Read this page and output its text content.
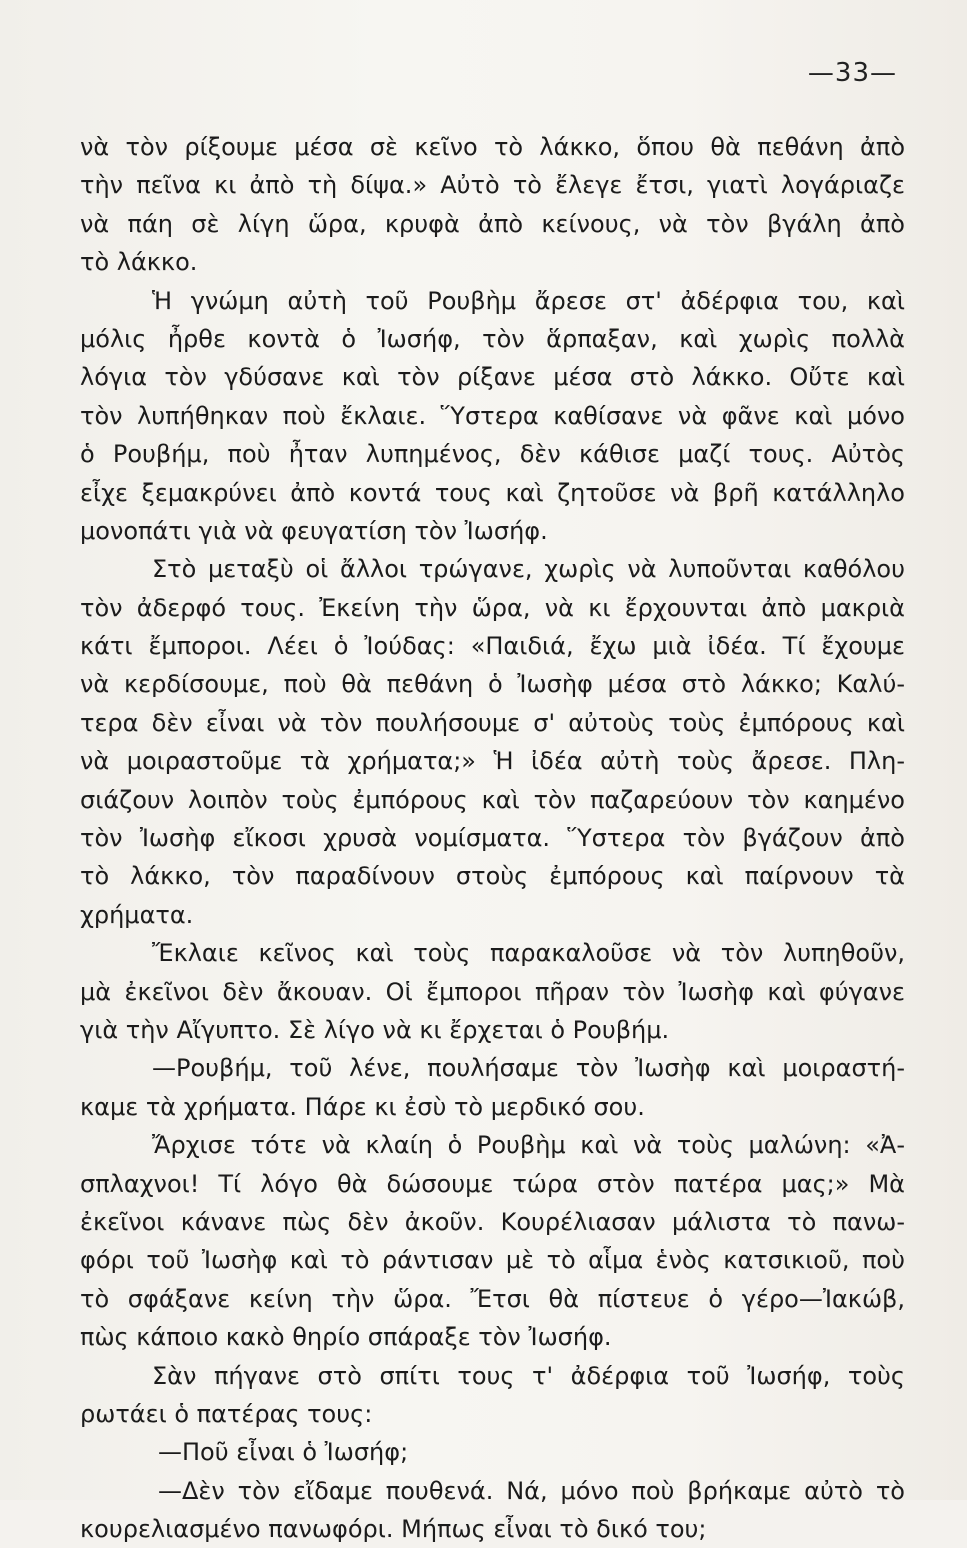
—33—
νὰ τὸν ρίξουμε μέσα σὲ κεῖνο τὸ λάκκο, ὅπου θὰ πεθάνη ἀπὸ
τὴν πεῖνα κι ἀπὸ τὴ δίψα.» Αὐτὸ τὸ ἔλεγε ἔτσι, γιατὶ λογάριαζε
νὰ πάη σὲ λίγη ὥρα, κρυφὰ ἀπὸ κείνους, νὰ τὸν βγάλη ἀπὸ
τὸ λάκκο.
Ἡ γνώμη αὐτὴ τοῦ Ρουβὴμ ἄρεσε στ' ἀδέρφια του, καὶ
μόλις ἦρθε κοντὰ ὁ Ἰωσήφ, τὸν ἅρπαξαν, καὶ χωρὶς πολλὰ
λόγια τὸν γδύσανε καὶ τὸν ρίξανε μέσα στὸ λάκκο. Οὔτε καὶ
τὸν λυπήθηκαν ποὺ ἔκλαιε. Ὕστερα καθίσανε νὰ φᾶνε καὶ μόνο
ὁ Ρουβήμ, ποὺ ἦταν λυπημένος, δὲν κάθισε μαζί τους. Αὐτὸς
εἶχε ξεμακρύνει ἀπὸ κοντά τους καὶ ζητοῦσε νὰ βρῆ κατάλληλο
μονοπάτι γιὰ νὰ φευγατίση τὸν Ἰωσήφ.
Στὸ μεταξὺ οἱ ἄλλοι τρώγανε, χωρὶς νὰ λυποῦνται καθόλου
τὸν ἀδερφό τους. Ἐκείνη τὴν ὥρα, νὰ κι ἔρχουνται ἀπὸ μακριὰ
κάτι ἔμποροι. Λέει ὁ Ἰούδας: «Παιδιά, ἔχω μιὰ ἰδέα. Τί ἔχουμε
νὰ κερδίσουμε, ποὺ θὰ πεθάνη ὁ Ἰωσὴφ μέσα στὸ λάκκο; Καλύ-
τερα δὲν εἶναι νὰ τὸν πουλήσουμε σ' αὐτοὺς τοὺς ἐμπόρους καὶ
νὰ μοιραστοῦμε τὰ χρήματα;» Ἡ ἰδέα αὐτὴ τοὺς ἄρεσε. Πλη-
σιάζουν λοιπὸν τοὺς ἐμπόρους καὶ τὸν παζαρεύουν τὸν καημένο
τὸν Ἰωσὴφ εἴκοσι χρυσὰ νομίσματα. Ὕστερα τὸν βγάζουν ἀπὸ
τὸ λάκκο, τὸν παραδίνουν στοὺς ἐμπόρους καὶ παίρνουν τὰ
χρήματα.
Ἔκλαιε κεῖνος καὶ τοὺς παρακαλοῦσε νὰ τὸν λυπηθοῦν,
μὰ ἐκεῖνοι δὲν ἄκουαν. Οἱ ἔμποροι πῆραν τὸν Ἰωσὴφ καὶ φύγανε
γιὰ τὴν Αἴγυπτο. Σὲ λίγο νὰ κι ἔρχεται ὁ Ρουβήμ.
—Ρουβήμ, τοῦ λένε, πουλήσαμε τὸν Ἰωσὴφ καὶ μοιραστή-
καμε τὰ χρήματα. Πάρε κι ἐσὺ τὸ μερδικό σου.
Ἄρχισε τότε νὰ κλαίη ὁ Ρουβὴμ καὶ νὰ τοὺς μαλώνη: «Ἀ-
σπλαχνοι! Τί λόγο θὰ δώσουμε τώρα στὸν πατέρα μας;» Μὰ
ἐκεῖνοι κάνανε πὼς δὲν ἀκοῦν. Κουρέλιασαν μάλιστα τὸ πανω-
φόρι τοῦ Ἰωσὴφ καὶ τὸ ράντισαν μὲ τὸ αἷμα ἑνὸς κατσικιοῦ, ποὺ
τὸ σφάξανε κείνη τὴν ὥρα. Ἔτσι θὰ πίστευε ὁ γέρο—Ἰακώβ,
πὼς κάποιο κακὸ θηρίο σπάραξε τὸν Ἰωσήφ.
Σὰν πήγανε στὸ σπίτι τους τ' ἀδέρφια τοῦ Ἰωσήφ, τοὺς
ρωτάει ὁ πατέρας τους:
—Ποῦ εἶναι ὁ Ἰωσήφ;
—Δὲν τὸν εἴδαμε πουθενά. Νά, μόνο ποὺ βρήκαμε αὐτὸ τὸ
κουρελιασμένο πανωφόρι. Μήπως εἶναι τὸ δικό του;
